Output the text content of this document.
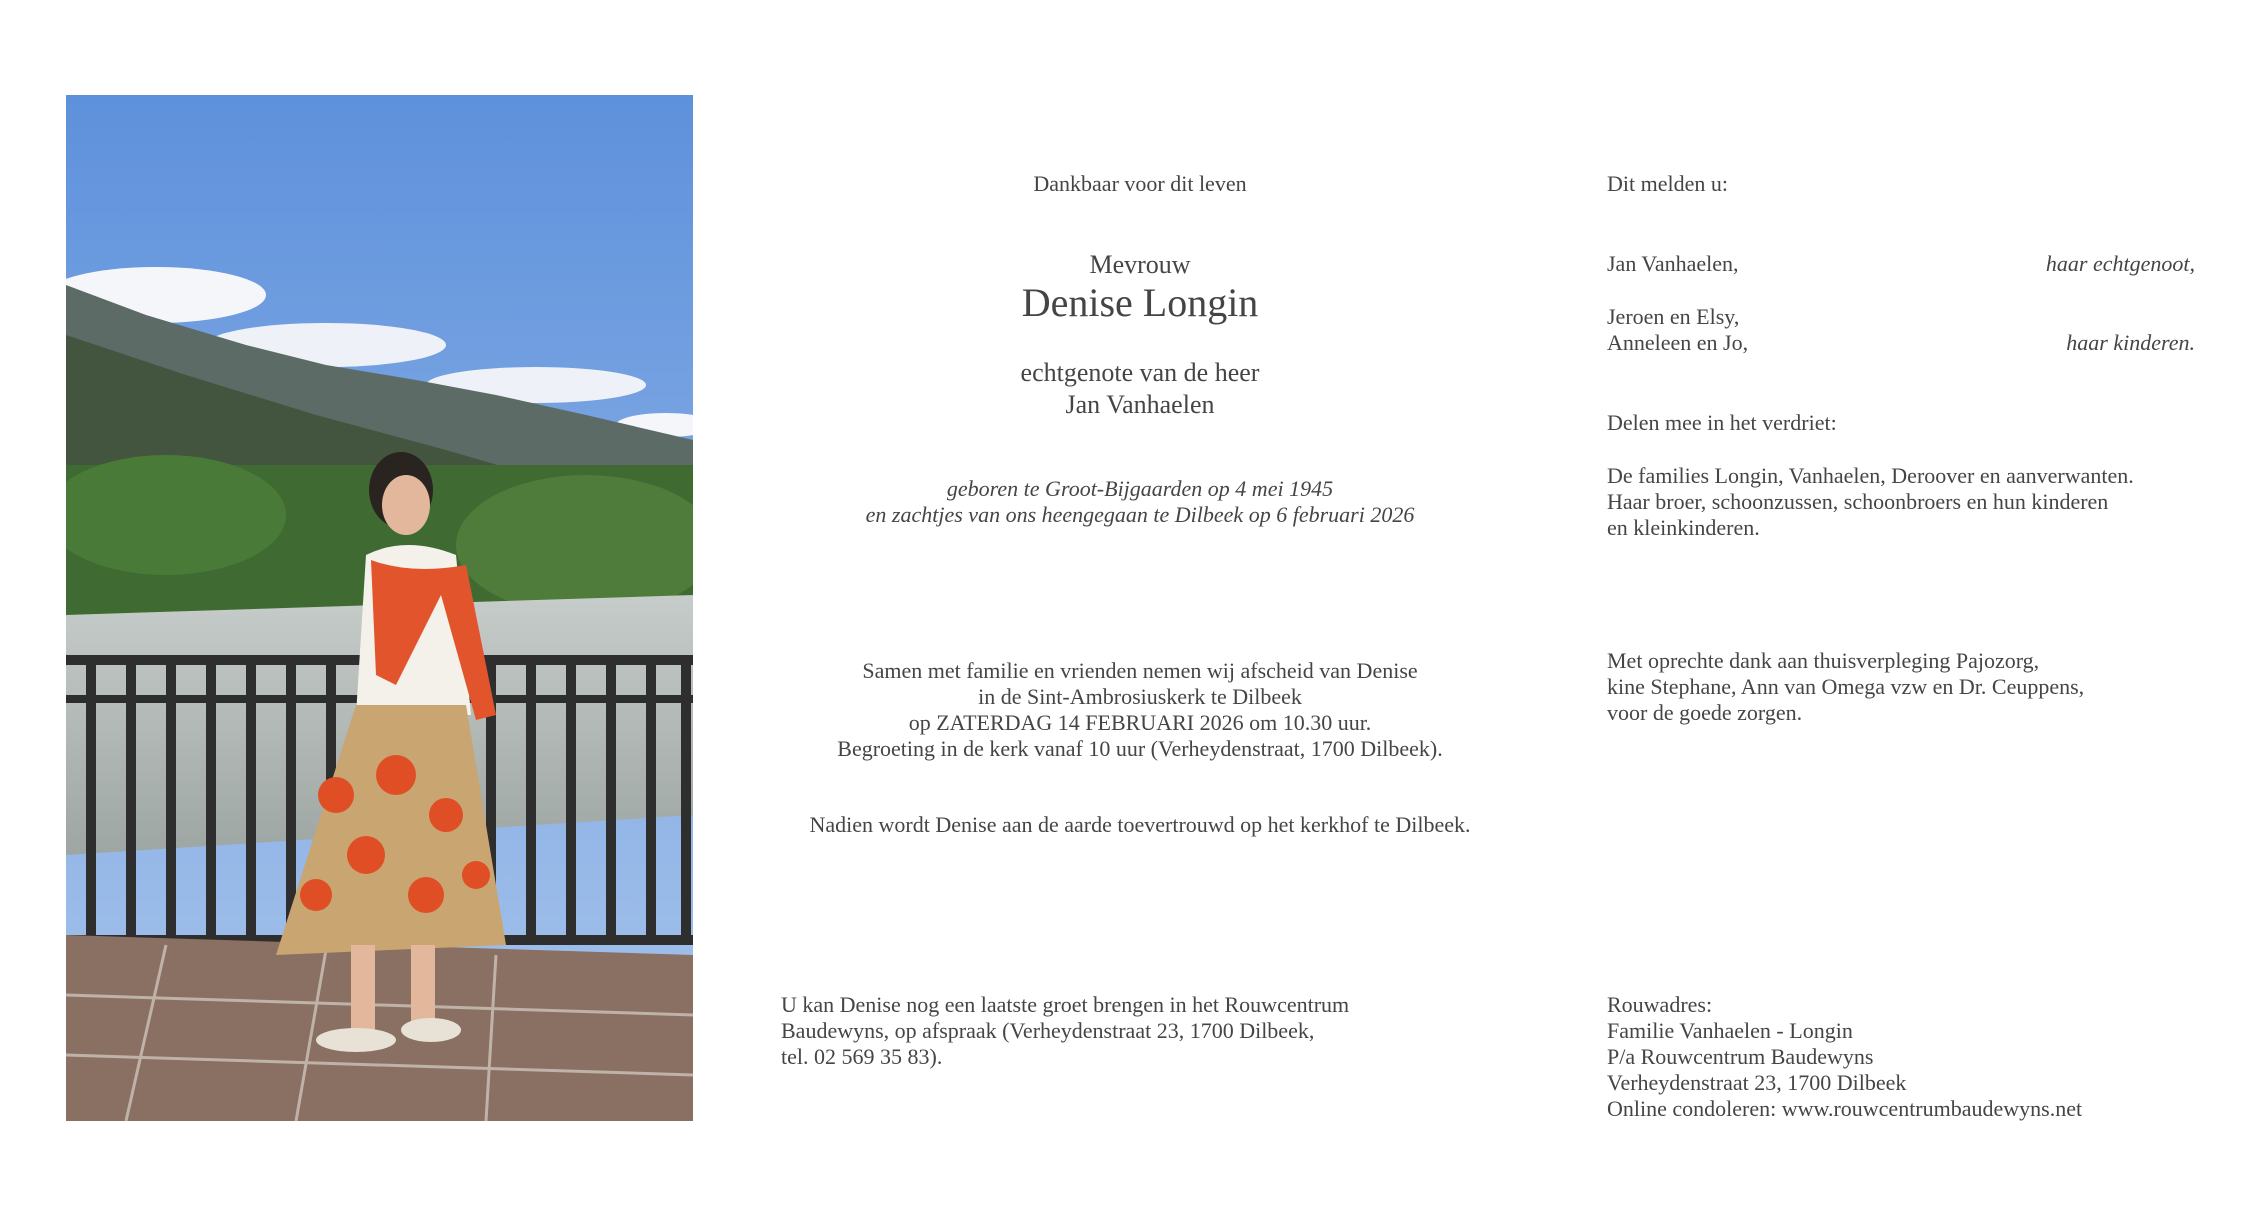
Dankbaar voor dit leven

Mevrouw

Denise Longin

echtgenote van de heer

Jan Vanhaelen

geboren te Groot-Bijgaarden op 4 mei 1945

en zachtjes van ons heengegaan te Dilbeek op 6 februari 2026

Samen met familie en vrienden nemen wij afscheid van Denise

in de Sint-Ambrosiuskerk te Dilbeek

op ZATERDAG 14 FEBRUARI 2026 om 10.30 uur.

Begroeting in de kerk vanaf 10 uur (Verheydenstraat, 1700 Dilbeek).

Nadien wordt Denise aan de aarde toevertrouwd op het kerkhof te Dilbeek.

U kan Denise nog een laatste groet brengen in het Rouwcentrum

Baudewyns, op afspraak (Verheydenstraat 23, 1700 Dilbeek,

tel. 02 569 35 83).

Dit melden u:

Jan Vanhaelen,	haar echtgenoot,
Jeroen en Elsy,
Anneleen en Jo,	haar kinderen.

Delen mee in het verdriet:

De families Longin, Vanhaelen, Deroover en aanverwanten.

Haar broer, schoonzussen, schoonbroers en hun kinderen

en kleinkinderen.

Met oprechte dank aan thuisverpleging Pajozorg,

kine Stephane, Ann van Omega vzw en Dr. Ceuppens,

voor de goede zorgen.

Rouwadres:

Familie Vanhaelen - Longin

P/a Rouwcentrum Baudewyns

Verheydenstraat 23, 1700 Dilbeek

Online condoleren: www.rouwcentrumbaudewyns.net
